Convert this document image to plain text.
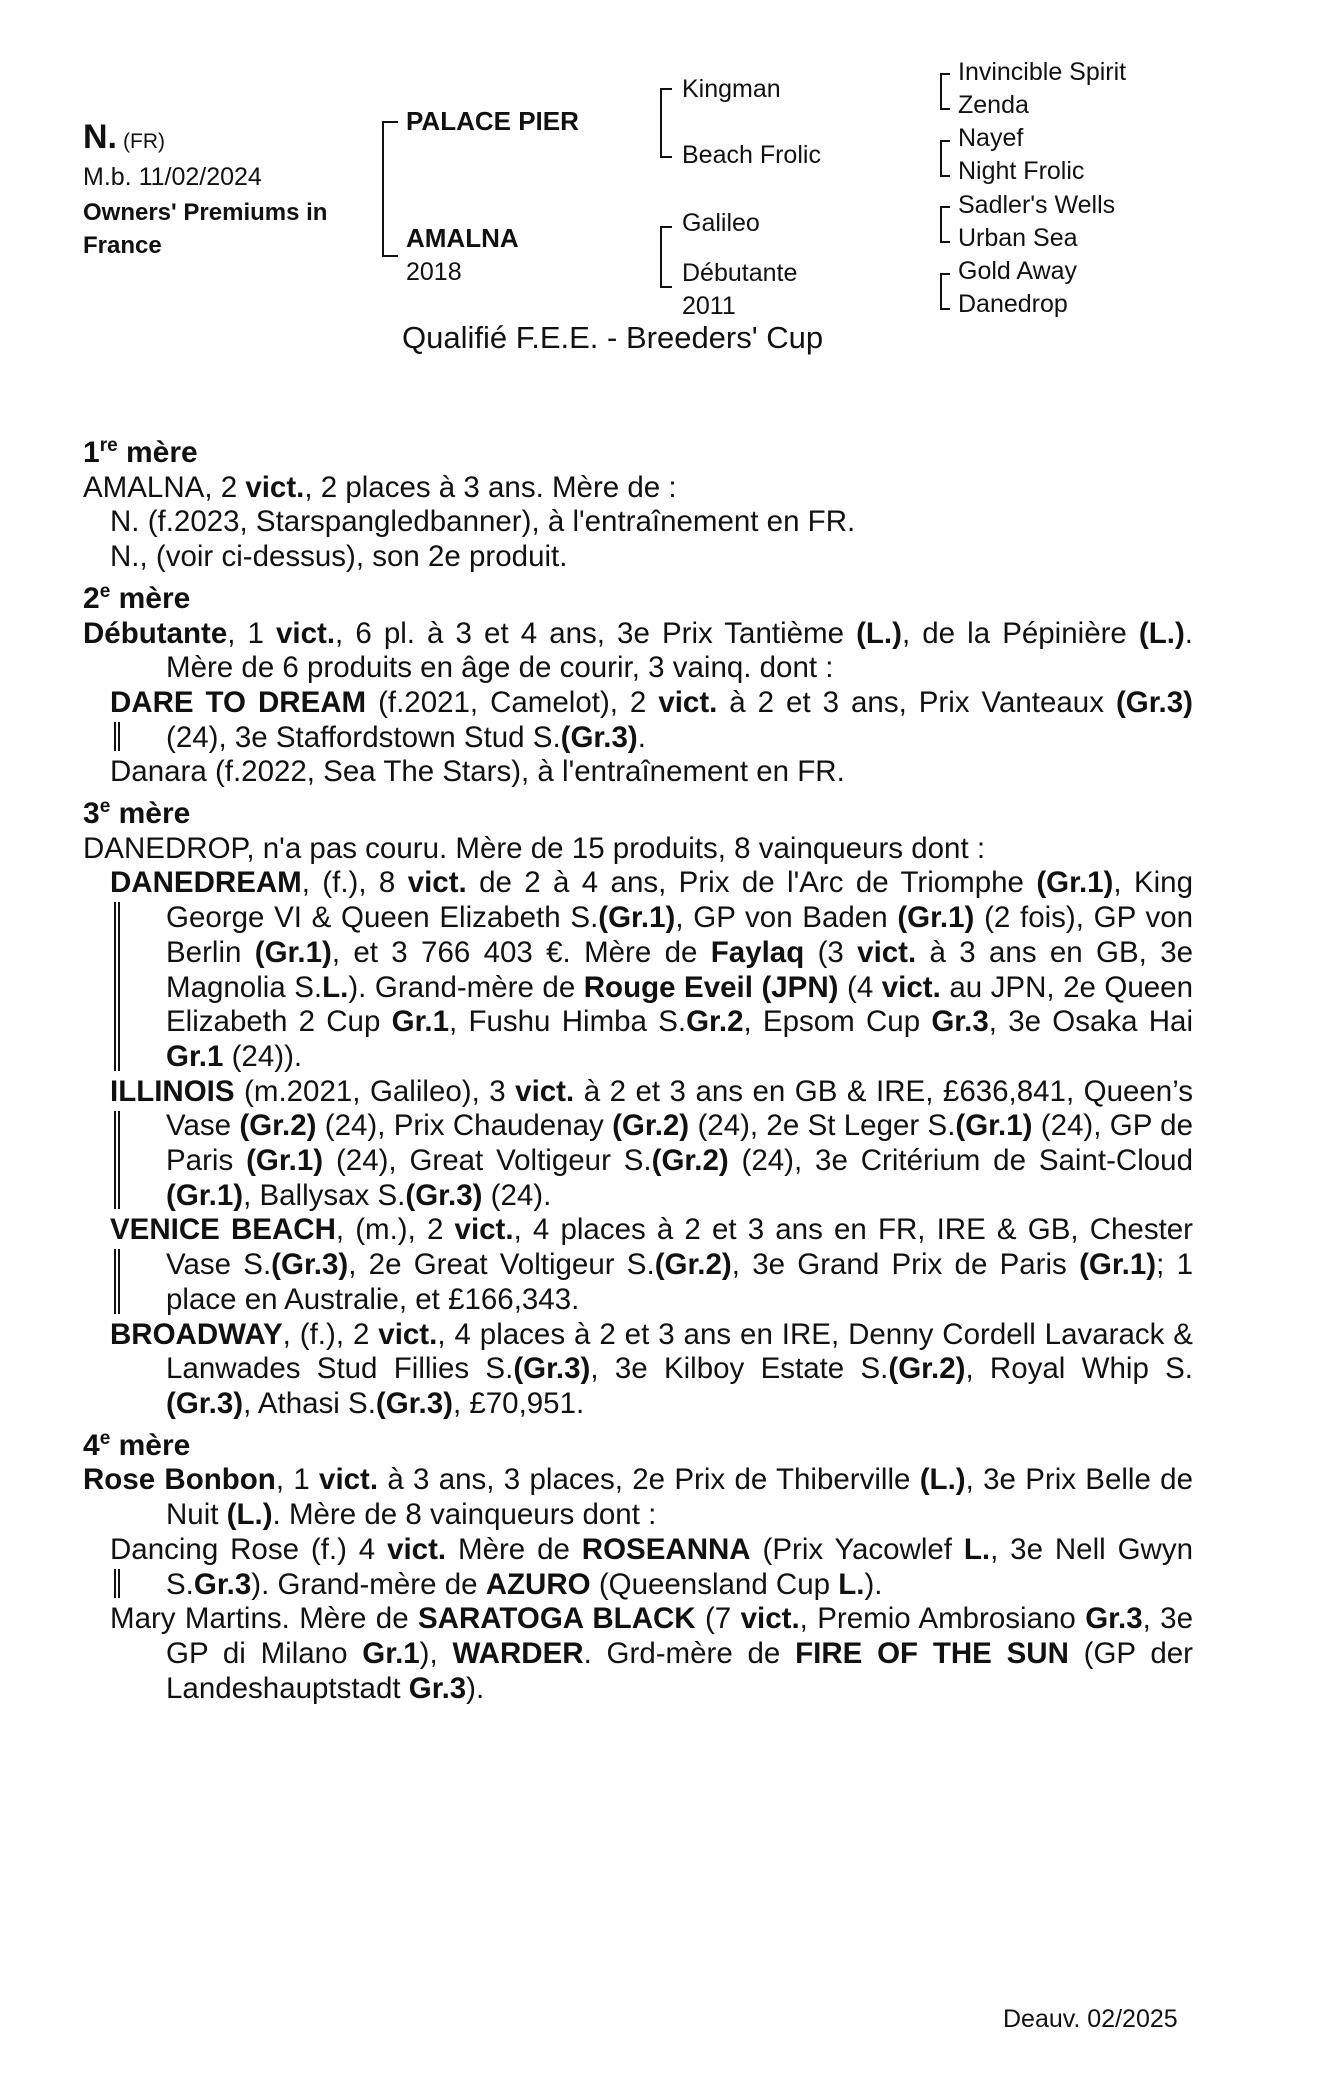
N. (FR)
M.b. 11/02/2024
Owners' Premiums in France
PALACE PIER
AMALNA
2018
Kingman
Beach Frolic
Galileo
Débutante
2011
Invincible Spirit
Zenda
Nayef
Night Frolic
Sadler's Wells
Urban Sea
Gold Away
Danedrop
Qualifié F.E.E. - Breeders' Cup
1re mère
AMALNA, 2 vict., 2 places à 3 ans. Mère de :
N. (f.2023, Starspangledbanner), à l'entraînement en FR.
N., (voir ci-dessus), son 2e produit.
2e mère
Débutante, 1 vict., 6 pl. à 3 et 4 ans, 3e Prix Tantième (L.), de la Pépinière (L.). Mère de 6 produits en âge de courir, 3 vainq. dont :
DARE TO DREAM (f.2021, Camelot), 2 vict. à 2 et 3 ans, Prix Vanteaux (Gr.3) (24), 3e Staffordstown Stud S.(Gr.3).
Danara (f.2022, Sea The Stars), à l'entraînement en FR.
3e mère
DANEDROP, n'a pas couru. Mère de 15 produits, 8 vainqueurs dont :
DANEDREAM, (f.), 8 vict. de 2 à 4 ans, Prix de l'Arc de Triomphe (Gr.1), King George VI & Queen Elizabeth S.(Gr.1), GP von Baden (Gr.1) (2 fois), GP von Berlin (Gr.1), et 3 766 403 €. Mère de Faylaq (3 vict. à 3 ans en GB, 3e Magnolia S.L.). Grand-mère de Rouge Eveil (JPN) (4 vict. au JPN, 2e Queen Elizabeth 2 Cup Gr.1, Fushu Himba S.Gr.2, Epsom Cup Gr.3, 3e Osaka Hai Gr.1 (24)).
ILLINOIS (m.2021, Galileo), 3 vict. à 2 et 3 ans en GB & IRE, £636,841, Queen’s Vase (Gr.2) (24), Prix Chaudenay (Gr.2) (24), 2e St Leger S.(Gr.1) (24), GP de Paris (Gr.1) (24), Great Voltigeur S.(Gr.2) (24), 3e Critérium de Saint-Cloud (Gr.1), Ballysax S.(Gr.3) (24).
VENICE BEACH, (m.), 2 vict., 4 places à 2 et 3 ans en FR, IRE & GB, Chester Vase S.(Gr.3), 2e Great Voltigeur S.(Gr.2), 3e Grand Prix de Paris (Gr.1); 1 place en Australie, et £166,343.
BROADWAY, (f.), 2 vict., 4 places à 2 et 3 ans en IRE, Denny Cordell Lavarack & Lanwades Stud Fillies S.(Gr.3), 3e Kilboy Estate S.(Gr.2), Royal Whip S.(Gr.3), Athasi S.(Gr.3), £70,951.
4e mère
Rose Bonbon, 1 vict. à 3 ans, 3 places, 2e Prix de Thiberville (L.), 3e Prix Belle de Nuit (L.). Mère de 8 vainqueurs dont :
Dancing Rose (f.) 4 vict. Mère de ROSEANNA (Prix Yacowlef L., 3e Nell Gwyn S.Gr.3). Grand-mère de AZURO (Queensland Cup L.).
Mary Martins. Mère de SARATOGA BLACK (7 vict., Premio Ambrosiano Gr.3, 3e GP di Milano Gr.1), WARDER. Grd-mère de FIRE OF THE SUN (GP der Landeshauptstadt Gr.3).
Deauv. 02/2025
